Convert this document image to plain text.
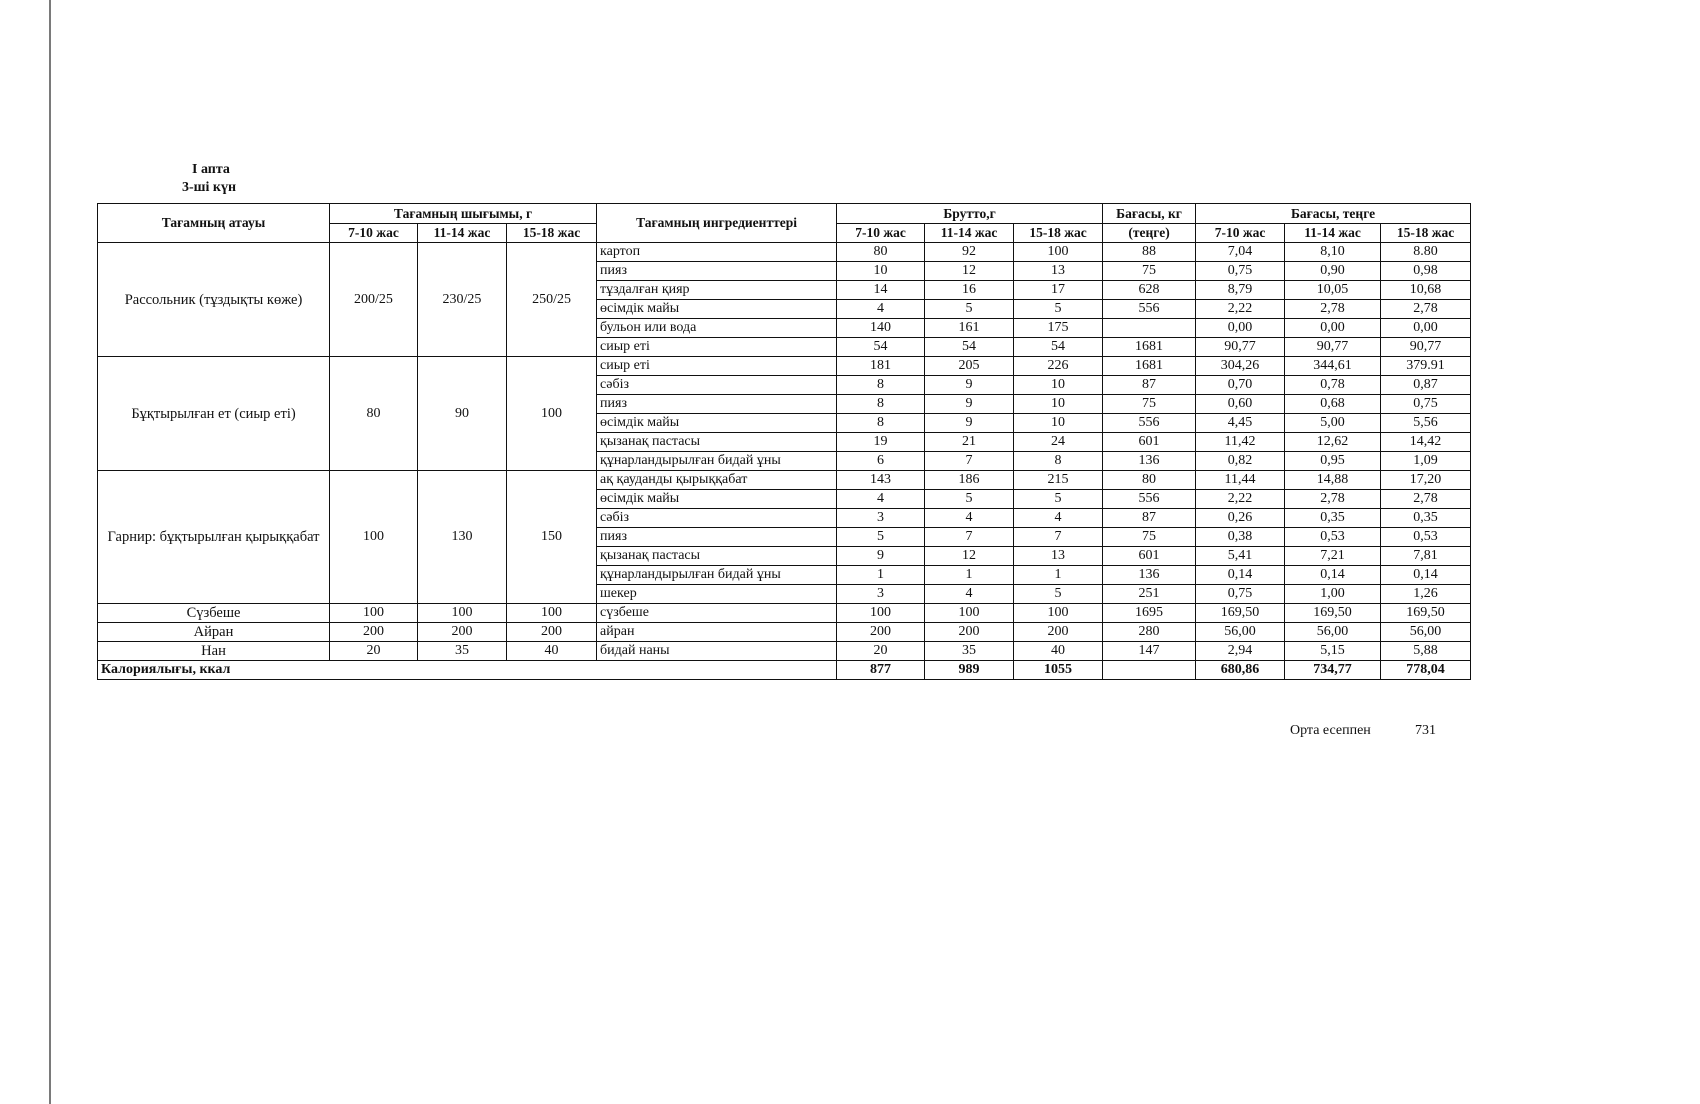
I апта
3-ші күн
Тағамның атауы	Тағамның шығымы, г			Тағамның ингредиенттері	Брутто,г			Бағасы, кг	Бағасы, теңге		
	7-10 жас	11-14 жас	15-18 жас		7-10 жас	11-14 жас	15-18 жас	(теңге)	7-10 жас	11-14 жас	15-18 жас
Рассольник (тұздықты көже)	200/25	230/25	250/25	картоп	80	92	100	88	7,04	8,10	8.80
				пияз	10	12	13	75	0,75	0,90	0,98
				тұздалған қияр	14	16	17	628	8,79	10,05	10,68
				өсімдік майы	4	5	5	556	2,22	2,78	2,78
				бульон или вода	140	161	175		0,00	0,00	0,00
				сиыр еті	54	54	54	1681	90,77	90,77	90,77
Бұқтырылған ет (сиыр еті)	80	90	100	сиыр еті	181	205	226	1681	304,26	344,61	379.91
				сәбіз	8	9	10	87	0,70	0,78	0,87
				пияз	8	9	10	75	0,60	0,68	0,75
				өсімдік майы	8	9	10	556	4,45	5,00	5,56
				қызанақ пастасы	19	21	24	601	11,42	12,62	14,42
				құнарландырылған бидай ұны	6	7	8	136	0,82	0,95	1,09
Гарнир: бұқтырылған қырыққабат	100	130	150	ақ қауданды қырыққабат	143	186	215	80	11,44	14,88	17,20
				өсімдік майы	4	5	5	556	2,22	2,78	2,78
				сәбіз	3	4	4	87	0,26	0,35	0,35
				пияз	5	7	7	75	0,38	0,53	0,53
				қызанақ пастасы	9	12	13	601	5,41	7,21	7,81
				құнарландырылған бидай ұны	1	1	1	136	0,14	0,14	0,14
				шекер	3	4	5	251	0,75	1,00	1,26
Сүзбеше	100	100	100	сүзбеше	100	100	100	1695	169,50	169,50	169,50
Айран	200	200	200	айран	200	200	200	280	56,00	56,00	56,00
Нан	20	35	40	бидай наны	20	35	40	147	2,94	5,15	5,88
Калориялығы, ккал					877	989	1055		680,86	734,77	778,04
Орта есеппен	731
